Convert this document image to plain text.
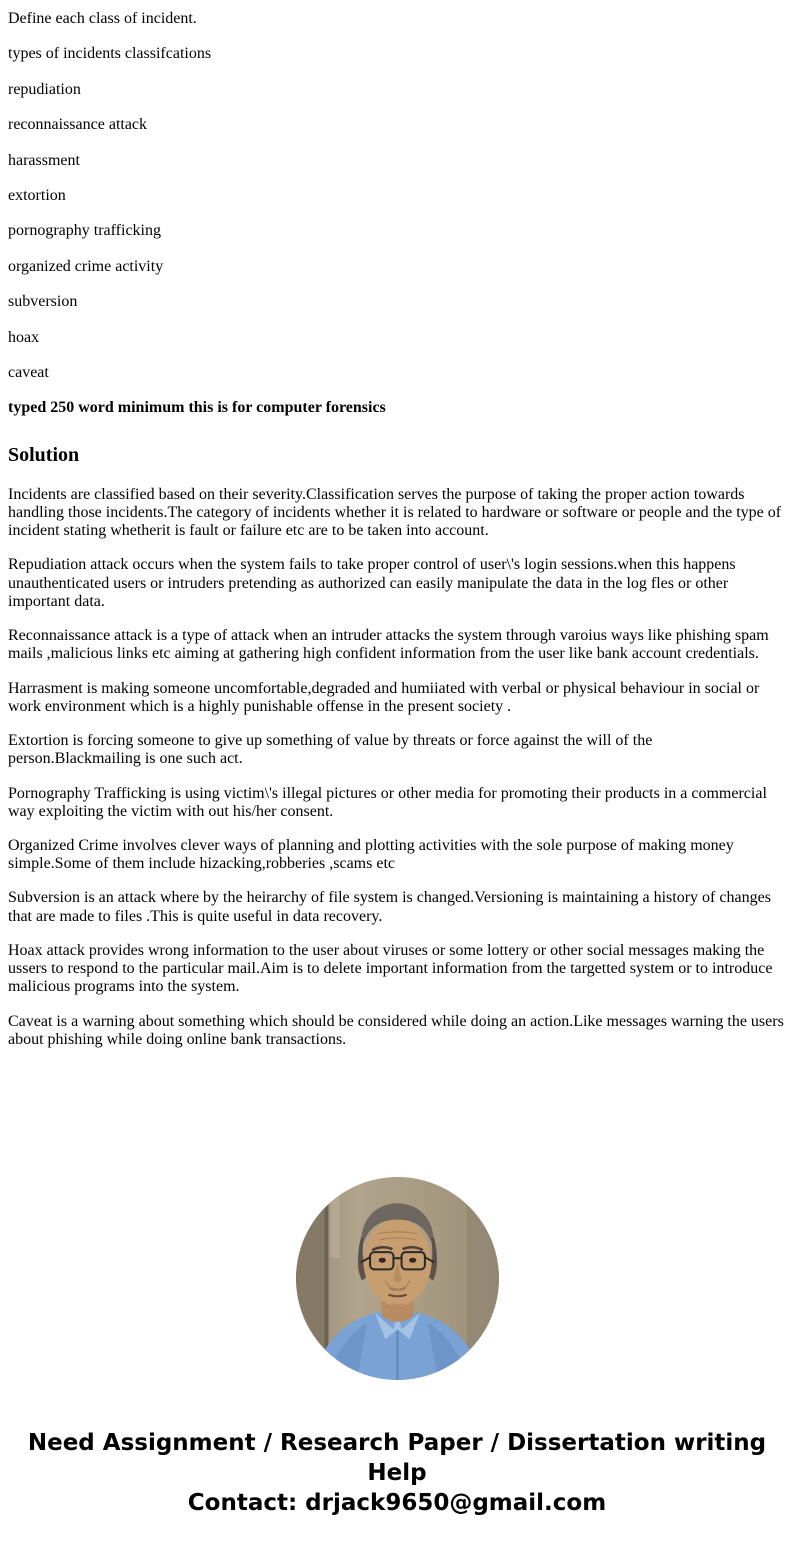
Define each class of incident.

types of incidents classifcations

repudiation

reconnaissance attack

harassment

extortion

pornography trafficking

organized crime activity

subversion

hoax

caveat

typed 250 word minimum this is for computer forensics

Solution

Incidents are classified based on their severity.Classification serves the purpose of taking the proper action towards handling those incidents.The category of incidents whether it is related to hardware or software or people and the type of incident stating whetherit is fault or failure etc are to be taken into account.

Repudiation attack occurs when the system fails to take proper control of user\'s login sessions.when this happens unauthenticated users or intruders pretending as authorized can easily manipulate the data in the log fles or other important data.

Reconnaissance attack is a type of attack when an intruder attacks the system through varoius ways like phishing spam mails ,malicious links etc aiming at gathering high confident information from the user like bank account credentials.

Harrasment is making someone uncomfortable,degraded and humiiated with verbal or physical behaviour in social or work environment which is a highly punishable offense in the present society .

Extortion is forcing someone to give up something of value by threats or force against the will of the person.Blackmailing is one such act.

Pornography Trafficking is using victim\'s illegal pictures or other media for promoting their products in a commercial way exploiting the victim with out his/her consent.

Organized Crime involves clever ways of planning and plotting activities with the sole purpose of making money simple.Some of them include hizacking,robberies ,scams etc

Subversion is an attack where by the heirarchy of file system is changed.Versioning is maintaining a history of changes that are made to files .This is quite useful in data recovery.

Hoax attack provides wrong information to the user about viruses or some lottery or other social messages making the ussers to respond to the particular mail.Aim is to delete important information from the targetted system or to introduce malicious programs into the system.

Caveat is a warning about something which should be considered while doing an action.Like messages warning the users about phishing while doing online bank transactions.

Need Assignment / Research Paper / Dissertation writing Help
Contact: drjack9650@gmail.com
